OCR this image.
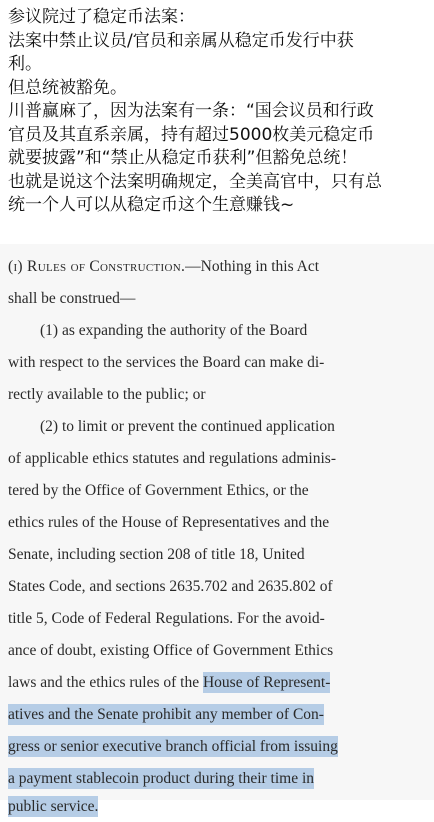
参议院过了稳定币法案：
法案中禁止议员/官员和亲属从稳定币发行中获
利。
但总统被豁免。
川普赢麻了，因为法案有一条：“国会议员和行政
官员及其直系亲属，持有超过5000枚美元稳定币
就要披露”和“禁止从稳定币获利”但豁免总统！
也就是说这个法案明确规定，全美高官中，只有总
统一个人可以从稳定币这个生意赚钱~
(i) Rules of Construction.—Nothing in this Act
shall be construed—
(1) as expanding the authority of the Board
with respect to the services the Board can make di-
rectly available to the public; or
(2) to limit or prevent the continued application
of applicable ethics statutes and regulations adminis-
tered by the Office of Government Ethics, or the
ethics rules of the House of Representatives and the
Senate, including section 208 of title 18, United
States Code, and sections 2635.702 and 2635.802 of
title 5, Code of Federal Regulations. For the avoid-
ance of doubt, existing Office of Government Ethics
laws and the ethics rules of the House of Represent-
atives and the Senate prohibit any member of Con-
gress or senior executive branch official from issuing
a payment stablecoin product during their time in
public service.
